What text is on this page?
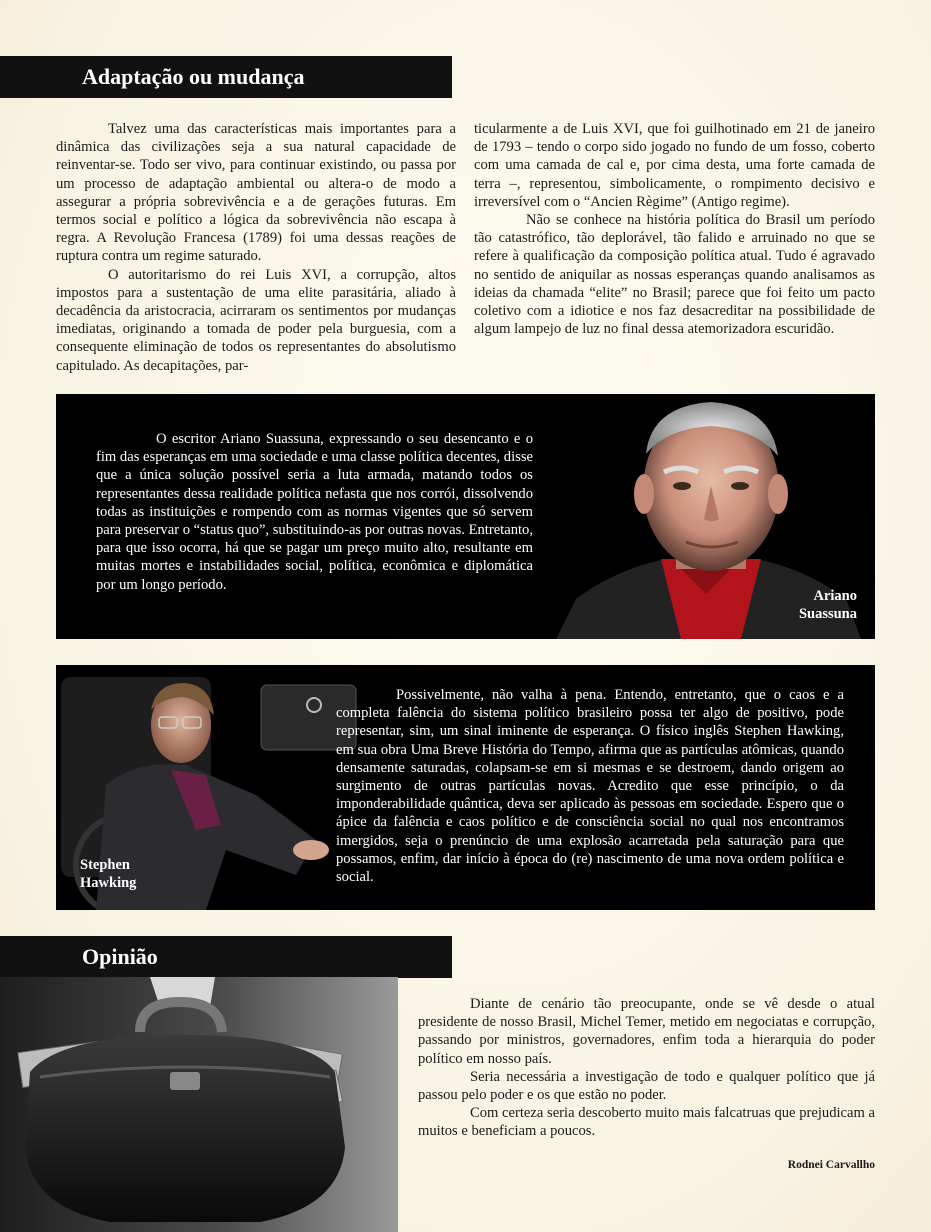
Adaptação ou mudança

Talvez uma das características mais importantes para a dinâmica das civilizações seja a sua natural capacidade de reinventar-se. Todo ser vivo, para continuar existindo, ou passa por um processo de adaptação ambiental ou altera-o de modo a assegurar a própria sobrevivência e a de gerações futuras. Em termos social e político a lógica da sobrevivência não escapa à regra. A Revolução Francesa (1789) foi uma dessas reações de ruptura contra um regime saturado.

O autoritarismo do rei Luis XVI, a corrupção, altos impostos para a sustentação de uma elite parasitária, aliado à decadência da aristocracia, acirraram os sentimentos por mudanças imediatas, originando a tomada de poder pela burguesia, com a consequente eliminação de todos os representantes do absolutismo capitulado. As decapitações, par-

ticularmente a de Luis XVI, que foi guilhotinado em 21 de janeiro de 1793 – tendo o corpo sido jogado no fundo de um fosso, coberto com uma camada de cal e, por cima desta, uma forte camada de terra –, representou, simbolicamente, o rompimento decisivo e irreversível com o “Ancien Règime” (Antigo regime).

Não se conhece na história política do Brasil um período tão catastrófico, tão deplorável, tão falido e arruinado no que se refere à qualificação da composição política atual. Tudo é agravado no sentido de aniquilar as nossas esperanças quando analisamos as ideias da chamada “elite” no Brasil; parece que foi feito um pacto coletivo com a idiotice e nos faz desacreditar na possibilidade de algum lampejo de luz no final dessa atemorizadora escuridão.

O escritor Ariano Suassuna, expressando o seu desencanto e o fim das esperanças em uma sociedade e uma classe política decentes, disse que a única solução possível seria a luta armada, matando todos os representantes dessa realidade política nefasta que nos corrói, dissolvendo todas as instituições e rompendo com as normas vigentes que só servem para preservar o “status quo”, substituindo-as por outras novas. Entretanto, para que isso ocorra, há que se pagar um preço muito alto, resultante em muitas mortes e instabilidades social, política, econômica e diplomática por um longo período.

Ariano
Suassuna
Stephen
Hawking

Possivelmente, não valha à pena. Entendo, entretanto, que o caos e a completa falência do sistema político brasileiro possa ter algo de positivo, pode representar, sim, um sinal iminente de esperança. O físico inglês Stephen Hawking, em sua obra Uma Breve História do Tempo, afirma que as partículas atômicas, quando densamente saturadas, colapsam-se em si mesmas e se destroem, dando origem ao surgimento de outras partículas novas. Acredito que esse princípio, o da imponderabilidade quântica, deva ser aplicado às pessoas em sociedade. Espero que o ápice da falência e caos político e de consciência social no qual nos encontramos imergidos, seja o prenúncio de uma explosão acarretada pela saturação para que possamos, enfim, dar início à época do (re) nascimento de uma nova ordem política e social.

Opinião

Diante de cenário tão preocupante, onde se vê desde o atual presidente de nosso Brasil, Michel Temer, metido em negociatas e corrupção, passando por ministros, governadores, enfim toda a hierarquia do poder político em nosso país.

Seria necessária a investigação de todo e qualquer político que já passou pelo poder e os que estão no poder.

Com certeza seria descoberto muito mais falcatruas que prejudicam a muitos e beneficiam a poucos.

Rodnei Carvallho
